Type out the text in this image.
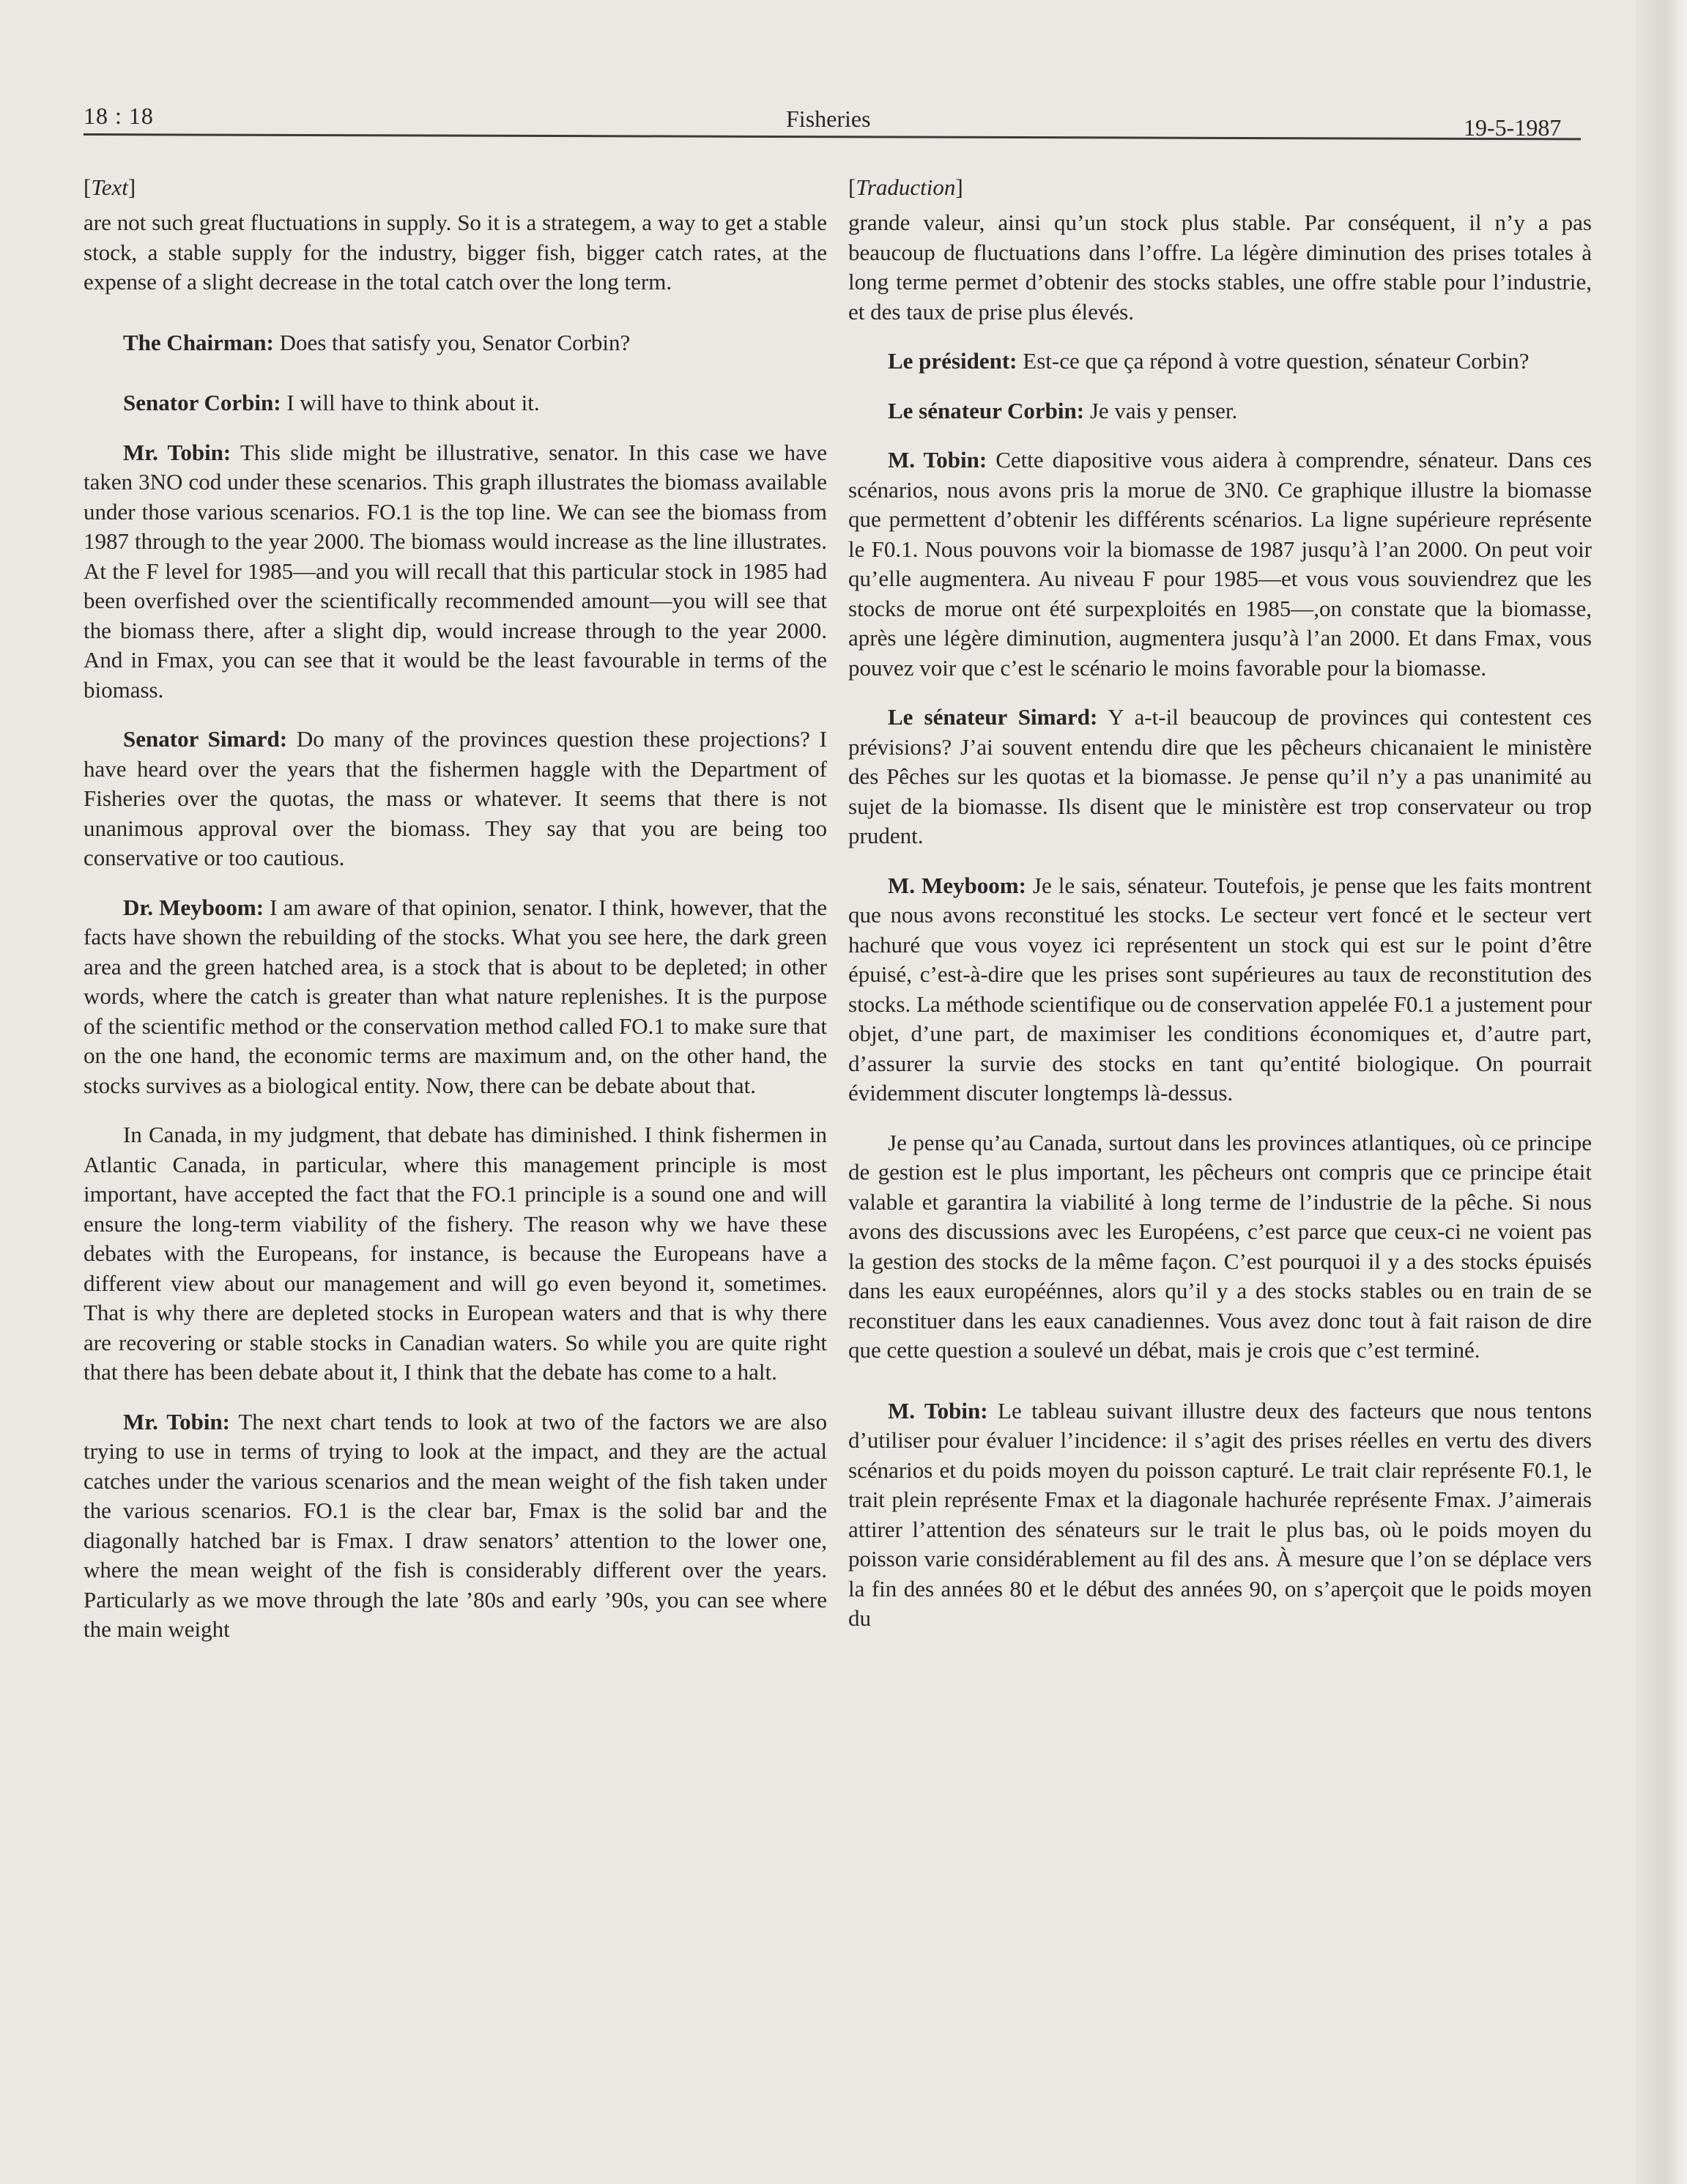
18 : 18	Fisheries	19-5-1987
[Text]

are not such great fluctuations in supply. So it is a strategem, a way to get a stable stock, a stable supply for the industry, bigger fish, bigger catch rates, at the expense of a slight decrease in the total catch over the long term.

The Chairman: Does that satisfy you, Senator Corbin?

Senator Corbin: I will have to think about it.

Mr. Tobin: This slide might be illustrative, senator. In this case we have taken 3NO cod under these scenarios. This graph illustrates the biomass available under those various scenarios. FO.1 is the top line. We can see the biomass from 1987 through to the year 2000. The biomass would increase as the line illustrates. At the F level for 1985—and you will recall that this particular stock in 1985 had been overfished over the scientifically recommended amount—you will see that the biomass there, after a slight dip, would increase through to the year 2000. And in Fmax, you can see that it would be the least favourable in terms of the biomass.

Senator Simard: Do many of the provinces question these projections? I have heard over the years that the fishermen haggle with the Department of Fisheries over the quotas, the mass or whatever. It seems that there is not unanimous approval over the biomass. They say that you are being too conservative or too cautious.

Dr. Meyboom: I am aware of that opinion, senator. I think, however, that the facts have shown the rebuilding of the stocks. What you see here, the dark green area and the green hatched area, is a stock that is about to be depleted; in other words, where the catch is greater than what nature replenishes. It is the purpose of the scientific method or the conservation method called FO.1 to make sure that on the one hand, the economic terms are maximum and, on the other hand, the stocks survives as a biological entity. Now, there can be debate about that.

In Canada, in my judgment, that debate has diminished. I think fishermen in Atlantic Canada, in particular, where this management principle is most important, have accepted the fact that the FO.1 principle is a sound one and will ensure the long-term viability of the fishery. The reason why we have these debates with the Europeans, for instance, is because the Europeans have a different view about our management and will go even beyond it, sometimes. That is why there are depleted stocks in European waters and that is why there are recovering or stable stocks in Canadian waters. So while you are quite right that there has been debate about it, I think that the debate has come to a halt.

Mr. Tobin: The next chart tends to look at two of the factors we are also trying to use in terms of trying to look at the impact, and they are the actual catches under the various scenarios and the mean weight of the fish taken under the various scenarios. FO.1 is the clear bar, Fmax is the solid bar and the diagonally hatched bar is Fmax. I draw senators’ attention to the lower one, where the mean weight of the fish is considerably different over the years. Particularly as we move through the late ’80s and early ’90s, you can see where the main weight

[Traduction]

grande valeur, ainsi qu’un stock plus stable. Par conséquent, il n’y a pas beaucoup de fluctuations dans l’offre. La légère diminution des prises totales à long terme permet d’obtenir des stocks stables, une offre stable pour l’industrie, et des taux de prise plus élevés.

Le président: Est-ce que ça répond à votre question, sénateur Corbin?

Le sénateur Corbin: Je vais y penser.

M. Tobin: Cette diapositive vous aidera à comprendre, sénateur. Dans ces scénarios, nous avons pris la morue de 3N0. Ce graphique illustre la biomasse que permettent d’obtenir les différents scénarios. La ligne supérieure représente le F0.1. Nous pouvons voir la biomasse de 1987 jusqu’à l’an 2000. On peut voir qu’elle augmentera. Au niveau F pour 1985—et vous vous souviendrez que les stocks de morue ont été surpexploités en 1985—,on constate que la biomasse, après une légère diminution, augmentera jusqu’à l’an 2000. Et dans Fmax, vous pouvez voir que c’est le scénario le moins favorable pour la biomasse.

Le sénateur Simard: Y a-t-il beaucoup de provinces qui contestent ces prévisions? J’ai souvent entendu dire que les pêcheurs chicanaient le ministère des Pêches sur les quotas et la biomasse. Je pense qu’il n’y a pas unanimité au sujet de la biomasse. Ils disent que le ministère est trop conservateur ou trop prudent.

M. Meyboom: Je le sais, sénateur. Toutefois, je pense que les faits montrent que nous avons reconstitué les stocks. Le secteur vert foncé et le secteur vert hachuré que vous voyez ici représentent un stock qui est sur le point d’être épuisé, c’est-à-dire que les prises sont supérieures au taux de reconstitution des stocks. La méthode scientifique ou de conservation appelée F0.1 a justement pour objet, d’une part, de maximiser les conditions économiques et, d’autre part, d’assurer la survie des stocks en tant qu’entité biologique. On pourrait évidemment discuter longtemps là-dessus.

Je pense qu’au Canada, surtout dans les provinces atlantiques, où ce principe de gestion est le plus important, les pêcheurs ont compris que ce principe était valable et garantira la viabilité à long terme de l’industrie de la pêche. Si nous avons des discussions avec les Européens, c’est parce que ceux-ci ne voient pas la gestion des stocks de la même façon. C’est pourquoi il y a des stocks épuisés dans les eaux européénnes, alors qu’il y a des stocks stables ou en train de se reconstituer dans les eaux canadiennes. Vous avez donc tout à fait raison de dire que cette question a soulevé un débat, mais je crois que c’est terminé.

M. Tobin: Le tableau suivant illustre deux des facteurs que nous tentons d’utiliser pour évaluer l’incidence: il s’agit des prises réelles en vertu des divers scénarios et du poids moyen du poisson capturé. Le trait clair représente F0.1, le trait plein représente Fmax et la diagonale hachurée représente Fmax. J’aimerais attirer l’attention des sénateurs sur le trait le plus bas, où le poids moyen du poisson varie considérablement au fil des ans. À mesure que l’on se déplace vers la fin des années 80 et le début des années 90, on s’aperçoit que le poids moyen du
